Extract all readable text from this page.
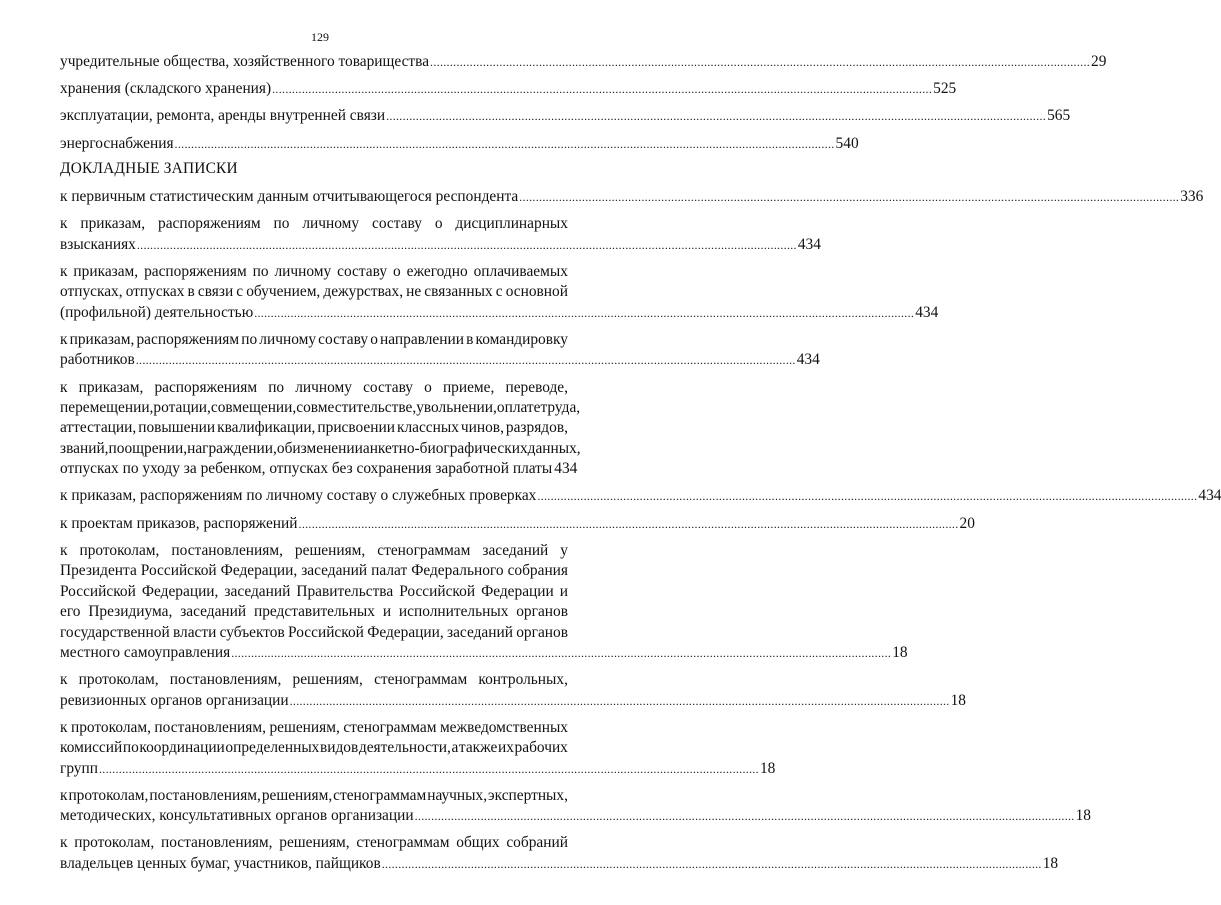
129
учредительные общества, хозяйственного товарищества ........................................................................................................................................................................................................ 29
хранения (складского хранения) ........................................................................................................................................................................................................ 525
эксплуатации, ремонта, аренды внутренней связи ........................................................................................................................................................................................................ 565
энергоснабжения ........................................................................................................................................................................................................ 540
ДОКЛАДНЫЕ ЗАПИСКИ
к первичным статистическим данным отчитывающегося респондента ........................................................................................................................................................................................................ 336
к приказам, распоряжениям по личному составу о дисциплинарных
взысканиях ........................................................................................................................................................................................................ 434
к приказам, распоряжениям по личному составу о ежегодно оплачиваемых
отпусках, отпусках в связи с обучением, дежурствах, не связанных с основной
(профильной) деятельностью ........................................................................................................................................................................................................ 434
к приказам, распоряжениям по личному составу о направлении в командировку
работников ........................................................................................................................................................................................................ 434
к приказам, распоряжениям по личному составу о приеме, переводе,
перемещении, ротации, совмещении, совместительстве, увольнении, оплате труда,
аттестации, повышении квалификации, присвоении классных чинов, разрядов,
званий, поощрении, награждении, об изменении анкетно-биографических данных,
отпусках по уходу за ребенком, отпусках без сохранения заработной платы 434
к приказам, распоряжениям по личному составу о служебных проверках ........................................................................................................................................................................................................ 434
к проектам приказов, распоряжений ........................................................................................................................................................................................................ 20
к протоколам, постановлениям, решениям, стенограммам заседаний у
Президента Российской Федерации, заседаний палат Федерального собрания
Российской Федерации, заседаний Правительства Российской Федерации и
его Президиума, заседаний представительных и исполнительных органов
государственной власти субъектов Российской Федерации, заседаний органов
местного самоуправления ........................................................................................................................................................................................................ 18
к протоколам, постановлениям, решениям, стенограммам контрольных,
ревизионных органов организации ........................................................................................................................................................................................................ 18
к протоколам, постановлениям, решениям, стенограммам межведомственных
комиссий по координации определенных видов деятельности, а также их рабочих
групп ........................................................................................................................................................................................................ 18
к протоколам, постановлениям, решениям, стенограммам научных, экспертных,
методических, консультативных органов организации ........................................................................................................................................................................................................ 18
к протоколам, постановлениям, решениям, стенограммам общих собраний
владельцев ценных бумаг, участников, пайщиков ........................................................................................................................................................................................................ 18
